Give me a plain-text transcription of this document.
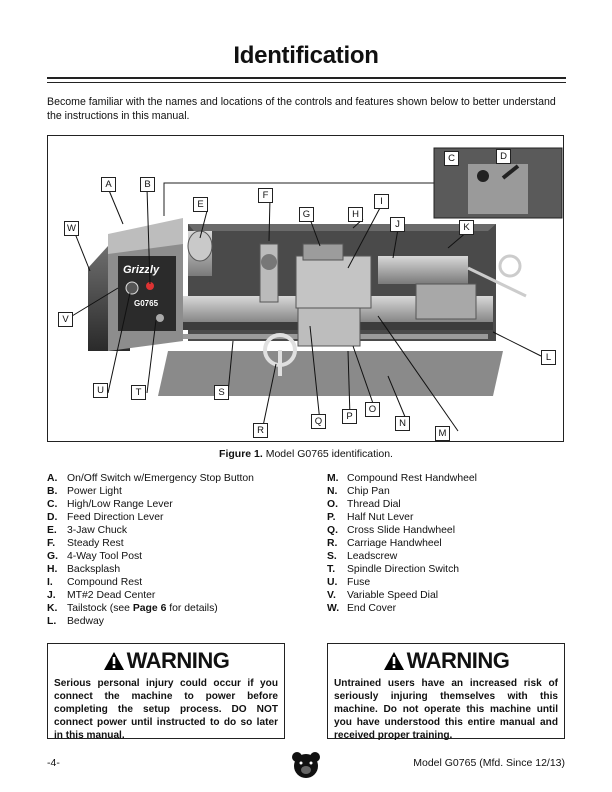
Identification
Become familiar with the names and locations of the controls and features shown below to better understand the instructions in this manual.
Grizzly
G0765
A	B
C	D
E
F
G	H
I
J	K
L
M
N
O
P
Q
R
S
T
U
V
W
Figure 1. Model G0765 identification.
A. On/Off Switch w/Emergency Stop Button
B. Power Light
C. High/Low Range Lever
D. Feed Direction Lever
E. 3-Jaw Chuck
F. Steady Rest
G. 4-Way Tool Post
H. Backsplash
I. Compound Rest
J. MT#2 Dead Center
K. Tailstock (see Page 6 for details)
L. Bedway
M. Compound Rest Handwheel
N. Chip Pan
O. Thread Dial
P. Half Nut Lever
Q. Cross Slide Handwheel
R. Carriage Handwheel
S. Leadscrew
T. Spindle Direction Switch
U. Fuse
V. Variable Speed Dial
W. End Cover
WARNING
Serious personal injury could occur if you connect the machine to power before completing the setup process. DO NOT connect power until instructed to do so later in this manual.
WARNING
Untrained users have an increased risk of seriously injuring themselves with this machine. Do not operate this machine until you have understood this entire manual and received proper training.
-4-	Model G0765 (Mfd. Since 12/13)
